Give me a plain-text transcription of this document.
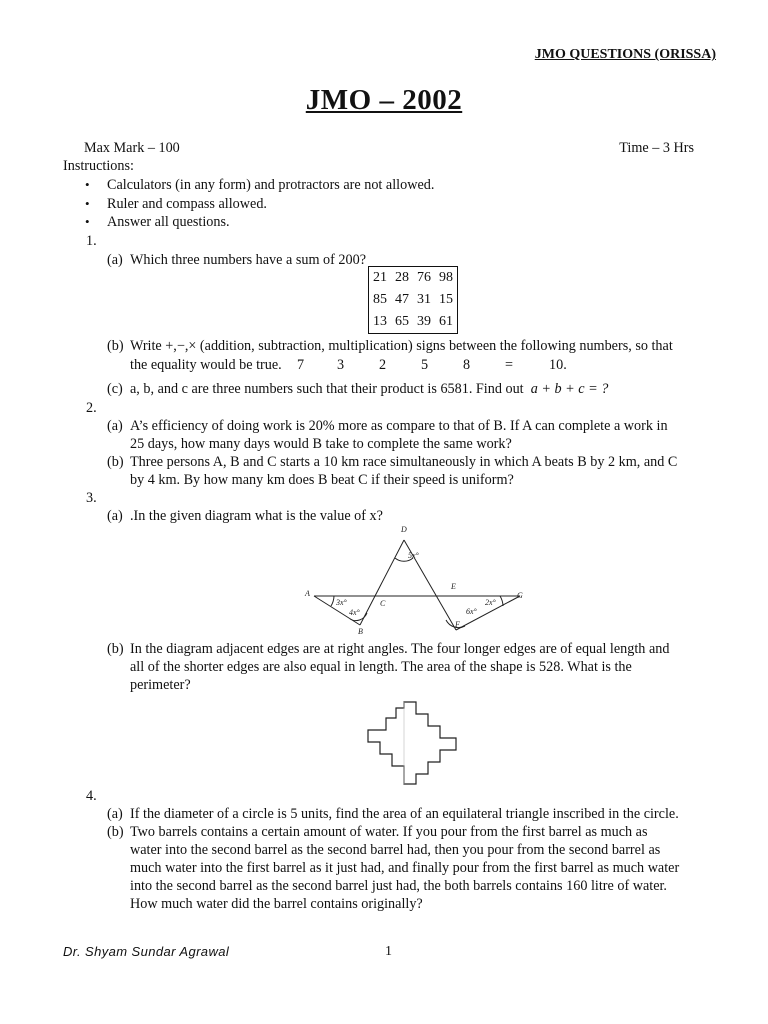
JMO QUESTIONS (ORISSA)
JMO – 2002
Max Mark – 100	Time – 3 Hrs
Instructions:
• Calculators (in any form) and protractors are not allowed.
• Ruler and compass allowed.
• Answer all questions.
1.
(a) Which three numbers have a sum of 200?
21	28	76	98
85	47	31	15
13	65	39	61
(b) Write +,−,× (addition, subtraction, multiplication) signs between the following numbers, so that
the equality would be true. 7 3 2 5 8 =	10.
(c) a, b, and c are three numbers such that their product is 6581. Find out a + b + c = ?
2.
(a) A’s efficiency of doing work is 20% more as compare to that of B. If A can complete a work in
25 days, how many days would B take to complete the same work?
(b) Three persons A, B and C starts a 10 km race simultaneously in which A beats B by 2 km, and C
by 4 km. By how many km does B beat C if their speed is uniform?
3.
(a) .In the given diagram what is the value of x?
D
A
C
E
G
B
F
5x°
3x°
4x°	6x°
2x°
(b) In the diagram adjacent edges are at right angles. The four longer edges are of equal length and
all of the shorter edges are also equal in length. The area of the shape is 528. What is the
perimeter?
4.
(a) If the diameter of a circle is 5 units, find the area of an equilateral triangle inscribed in the circle.
(b) Two barrels contains a certain amount of water. If you pour from the first barrel as much as
water into the second barrel as the second barrel had, then you pour from the second barrel as
much water into the first barrel as it just had, and finally pour from the first barrel as much water
into the second barrel as the second barrel just had, the both barrels contains 160 litre of water.
How much water did the barrel contains originally?
Dr. Shyam Sundar Agrawal	1
